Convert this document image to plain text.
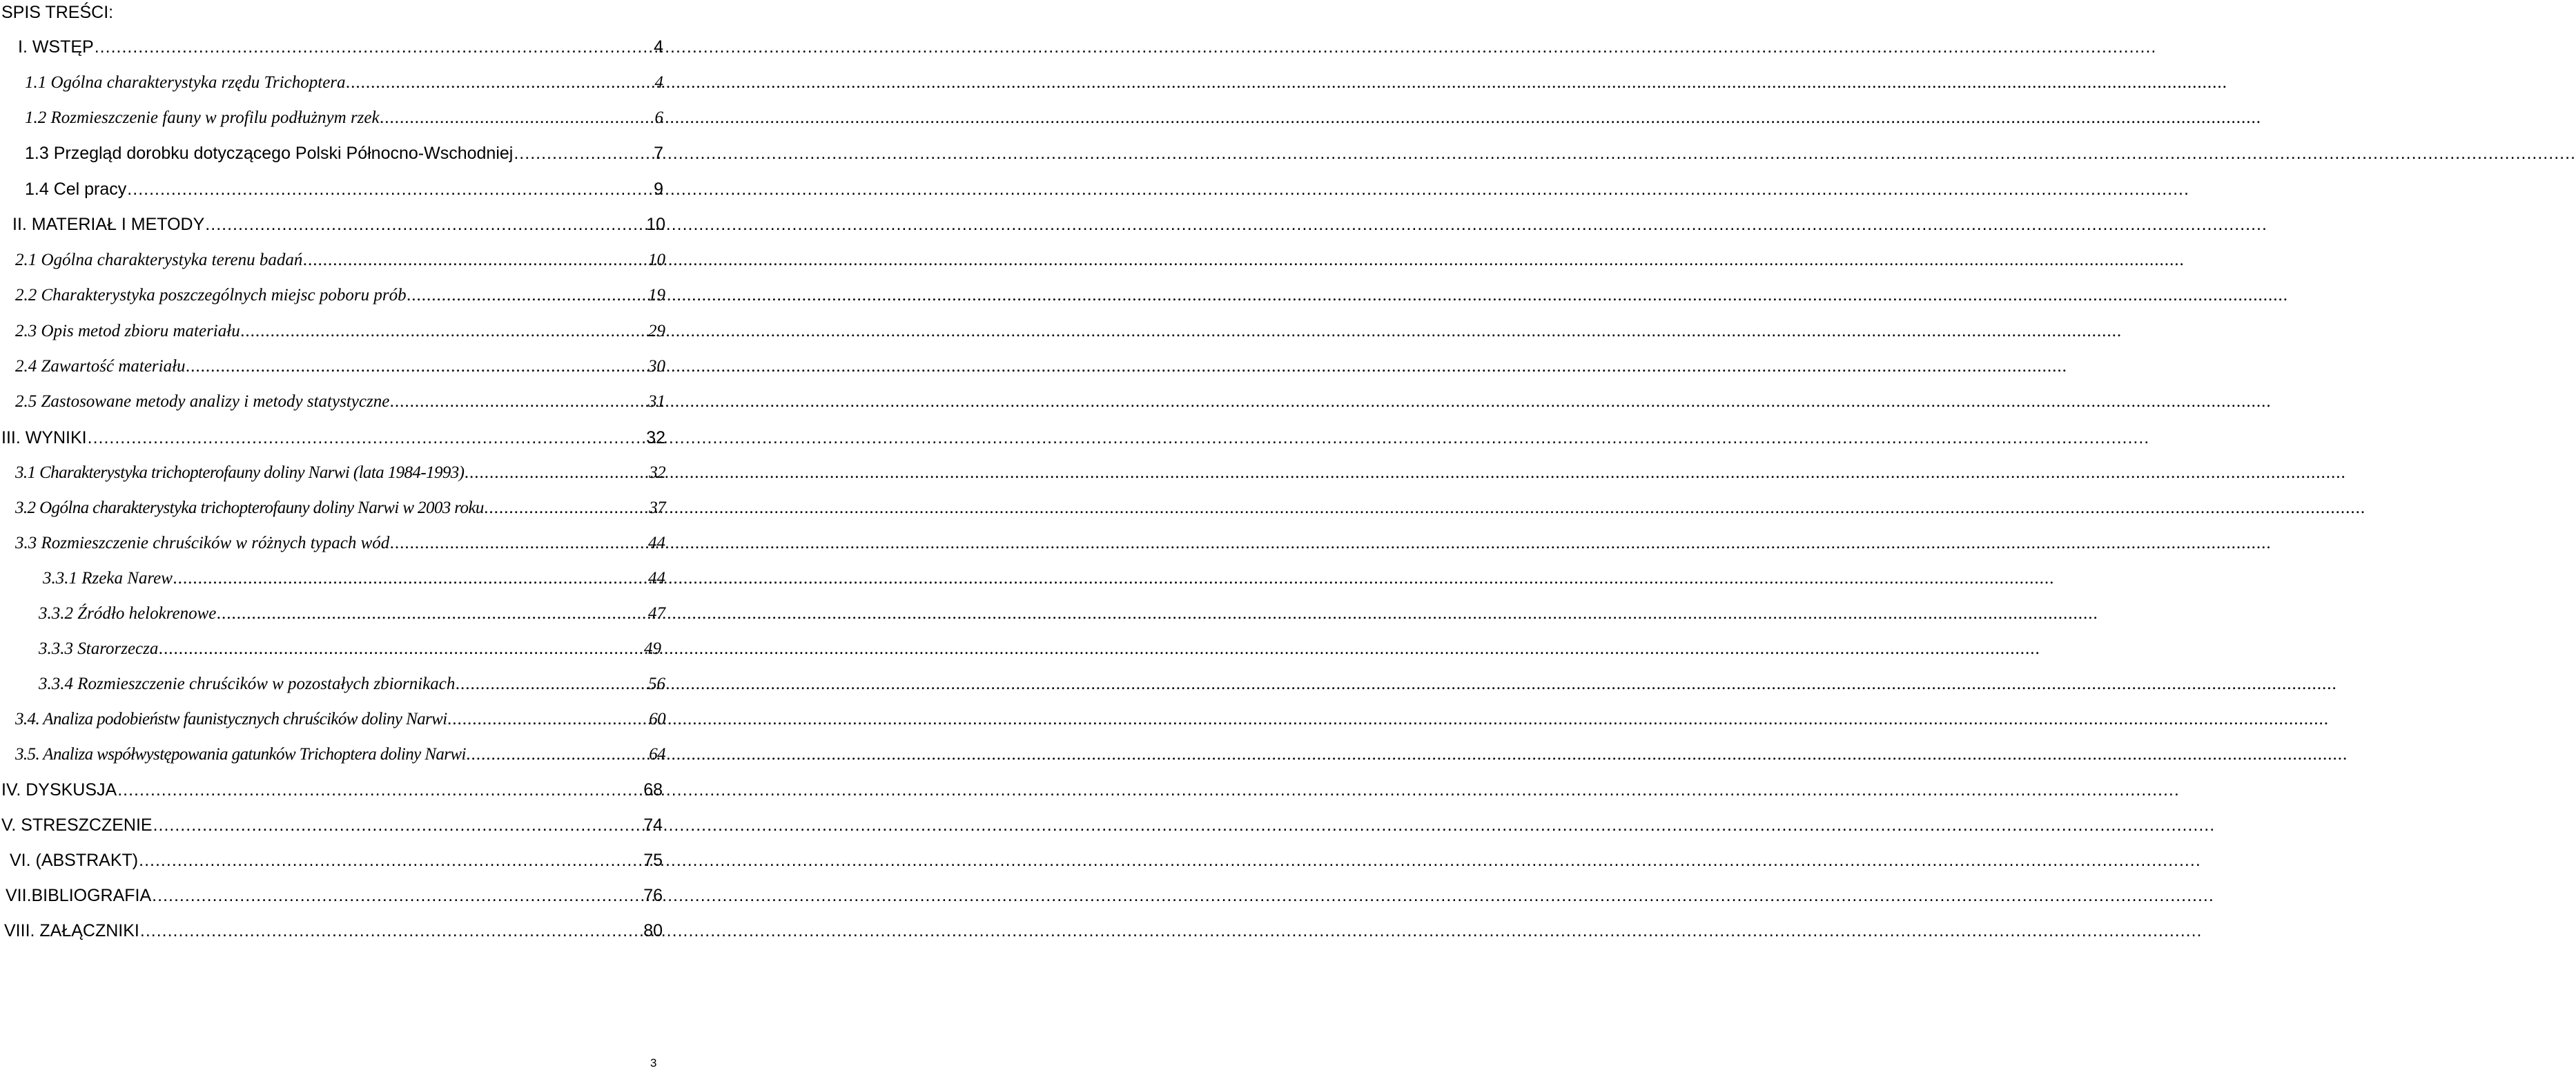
SPIS TREŚCI:
I. WSTĘP .....	4
1.1 Ogólna charakterystyka rzędu Trichoptera .....	4
1.2 Rozmieszczenie fauny w profilu podłużnym rzek .....	6
1.3 Przegląd dorobku dotyczącego Polski Północno-Wschodniej .....	7
1.4 Cel pracy .....	9
II. MATERIAŁ I METODY .....	10
2.1 Ogólna charakterystyka terenu badań .....	10
2.2 Charakterystyka poszczególnych miejsc poboru prób .....	19
2.3 Opis metod zbioru materiału .....	29
2.4 Zawartość materiału .....	30
2.5 Zastosowane metody analizy i metody statystyczne .....	31
III. WYNIKI .....	32
3.1 Charakterystyka trichopterofauny doliny Narwi (lata 1984-1993) .....	32
3.2 Ogólna charakterystyka trichopterofauny doliny Narwi w 2003 roku .....	37
3.3 Rozmieszczenie chruścików w różnych typach wód .....	44
3.3.1 Rzeka Narew .....	44
3.3.2 Źródło helokrenowe .....	47
3.3.3 Starorzecza .....	49
3.3.4 Rozmieszczenie chruścików w pozostałych zbiornikach .....	56
3.4. Analiza podobieństw faunistycznych chruścików doliny Narwi .....	60
3.5. Analiza współwystępowania gatunków Trichoptera doliny Narwi .....	64
IV. DYSKUSJA .....	68
V. STRESZCZENIE .....	74
VI. (ABSTRAKT) .....	75
VII.BIBLIOGRAFIA .....	76
VIII. ZAŁĄCZNIKI .....	80
3
